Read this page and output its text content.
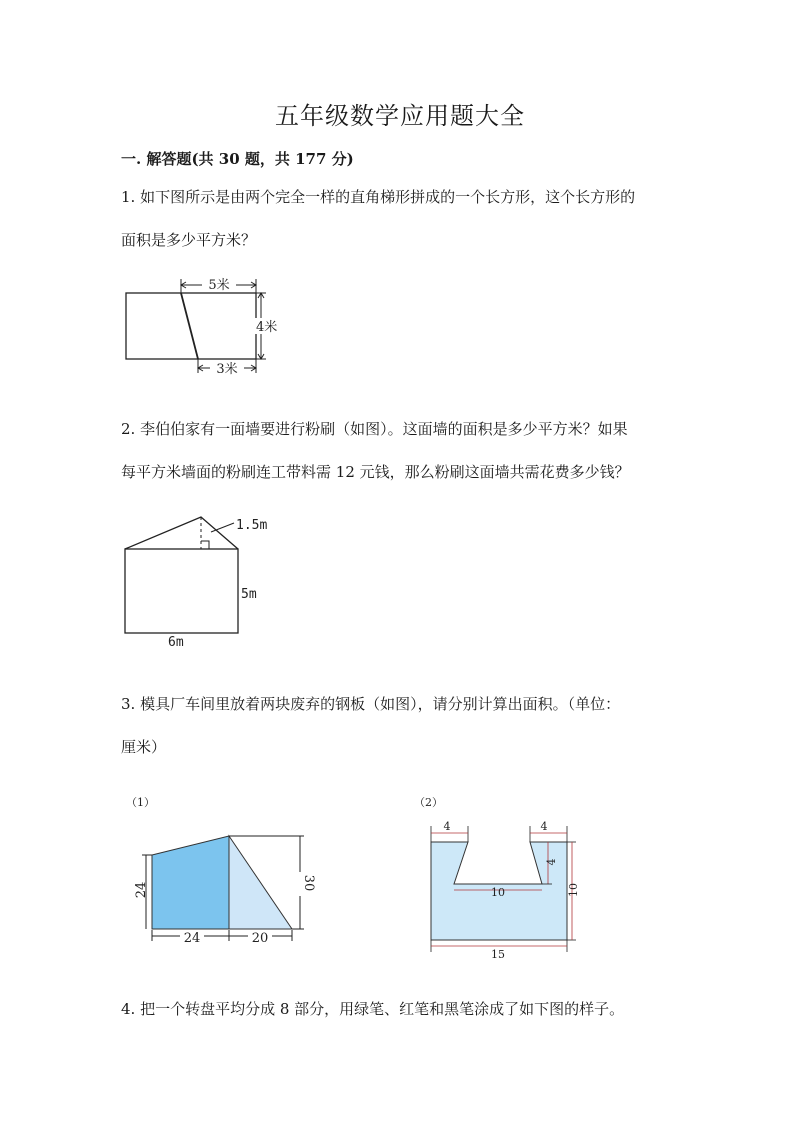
五年级数学应用题大全
一. 解答题(共 30 题，共 177 分)
1. 如下图所示是由两个完全一样的直角梯形拼成的一个长方形，这个长方形的
面积是多少平方米？
5米
4米
3米
2. 李伯伯家有一面墙要进行粉刷（如图）。这面墙的面积是多少平方米？如果
每平方米墙面的粉刷连工带料需 12 元钱，那么粉刷这面墙共需花费多少钱？
1.5m
5m
6m
3. 模具厂车间里放着两块废弃的钢板（如图），请分别计算出面积。（单位：
厘米）
（1）
24
24	20
30
（2）
4	4
4
10	10
15
4. 把一个转盘平均分成 8 部分，用绿笔、红笔和黑笔涂成了如下图的样子。
